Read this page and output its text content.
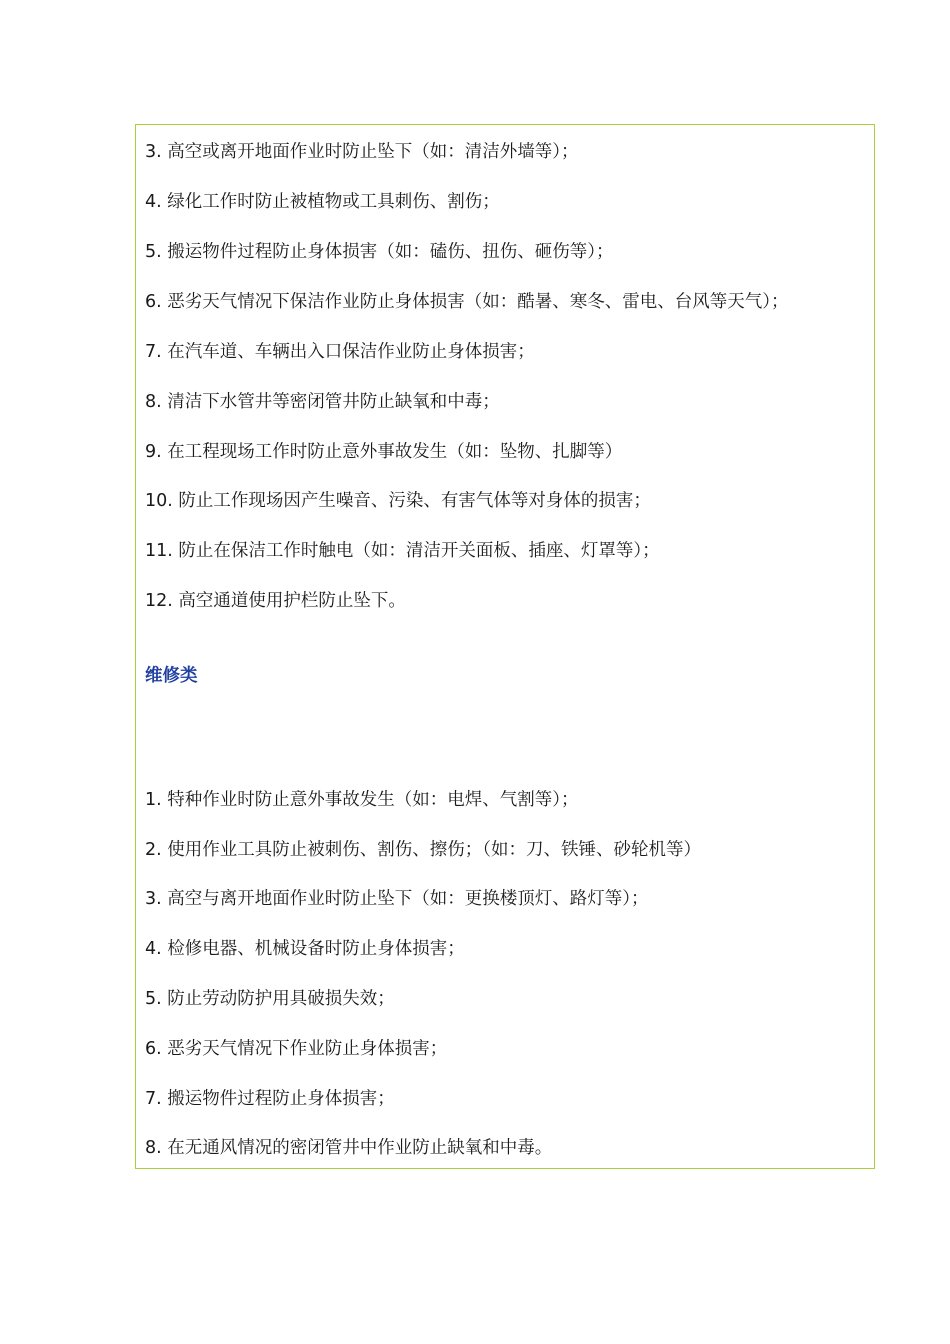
3. 高空或离开地面作业时防止坠下（如：清洁外墙等）；
4. 绿化工作时防止被植物或工具刺伤、割伤；
5. 搬运物件过程防止身体损害（如：磕伤、扭伤、砸伤等）；
6. 恶劣天气情况下保洁作业防止身体损害（如：酷暑、寒冬、雷电、台风等天气）；
7. 在汽车道、车辆出入口保洁作业防止身体损害；
8. 清洁下水管井等密闭管井防止缺氧和中毒；
9. 在工程现场工作时防止意外事故发生（如：坠物、扎脚等）
10. 防止工作现场因产生噪音、污染、有害气体等对身体的损害；
11. 防止在保洁工作时触电（如：清洁开关面板、插座、灯罩等）；
12. 高空通道使用护栏防止坠下。
维修类
1. 特种作业时防止意外事故发生（如：电焊、气割等）；
2. 使用作业工具防止被刺伤、割伤、擦伤；（如：刀、铁锤、砂轮机等）
3. 高空与离开地面作业时防止坠下（如：更换楼顶灯、路灯等）；
4. 检修电器、机械设备时防止身体损害；
5. 防止劳动防护用具破损失效；
6. 恶劣天气情况下作业防止身体损害；
7. 搬运物件过程防止身体损害；
8. 在无通风情况的密闭管井中作业防止缺氧和中毒。
